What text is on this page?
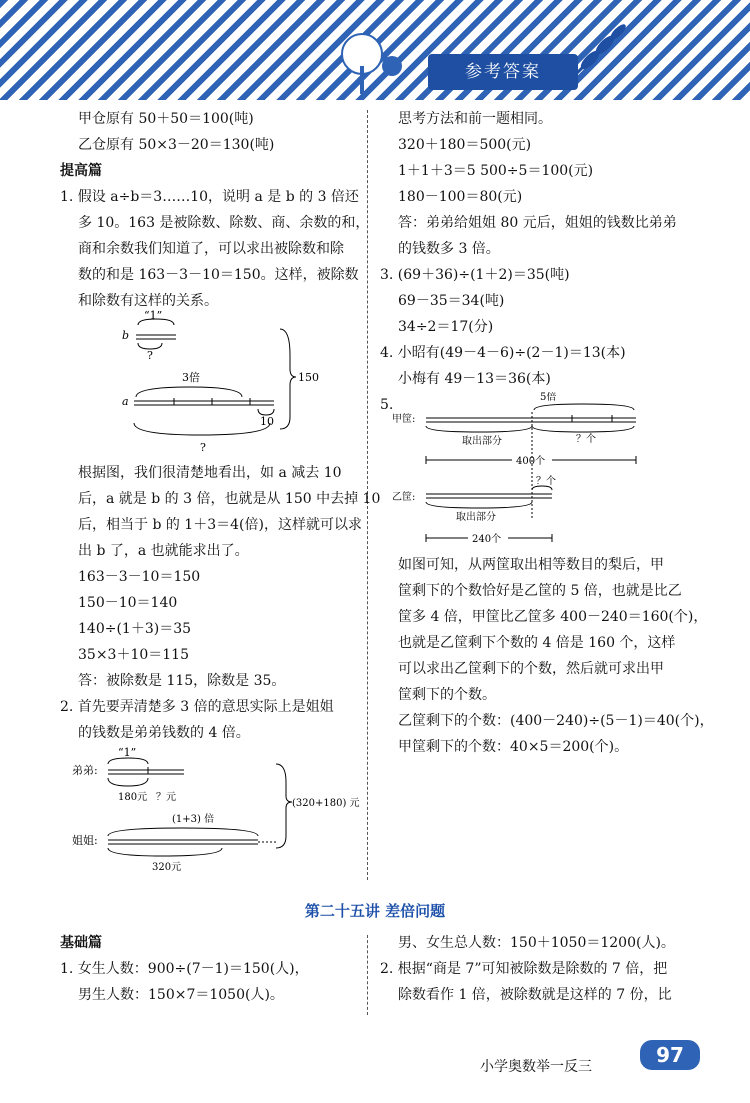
参考答案
甲仓原有 50＋50＝100(吨)
乙仓原有 50×3－20＝130(吨)
提高篇
1. 假设 a÷b＝3……10，说明 a 是 b 的 3 倍还
多 10。163 是被除数、除数、商、余数的和，
商和余数我们知道了，可以求出被除数和除
数的和是 163－3－10＝150。这样，被除数
和除数有这样的关系。
“1”
b
?
3倍
a
10
?
150
根据图，我们很清楚地看出，如 a 减去 10
后，a 就是 b 的 3 倍，也就是从 150 中去掉 10
后，相当于 b 的 1＋3＝4(倍)，这样就可以求
出 b 了，a 也就能求出了。
163－3－10＝150
150－10＝140
140÷(1＋3)＝35
35×3＋10＝115
答：被除数是 115，除数是 35。
2. 首先要弄清楚多 3 倍的意思实际上是姐姐
的钱数是弟弟钱数的 4 倍。
“1”
弟弟:
180元 ？元
(1+3) 倍
姐姐:
320元
(320+180) 元
思考方法和前一题相同。
320＋180＝500(元)
1＋1＋3＝5 500÷5＝100(元)
180－100＝80(元)
答：弟弟给姐姐 80 元后，姐姐的钱数比弟弟
的钱数多 3 倍。
3. (69＋36)÷(1＋2)＝35(吨)
69－35＝34(吨)
34÷2＝17(分)
4. 小昭有(49－4－6)÷(2－1)＝13(本)
小梅有 49－13＝36(本)
5.	5倍
甲筐:
取出部分	？个
400个
？个
乙筐:
取出部分
240个
如图可知，从两筐取出相等数目的梨后，甲
筐剩下的个数恰好是乙筐的 5 倍，也就是比乙
筐多 4 倍，甲筐比乙筐多 400－240＝160(个)，
也就是乙筐剩下个数的 4 倍是 160 个，这样
可以求出乙筐剩下的个数，然后就可求出甲
筐剩下的个数。
乙筐剩下的个数：(400－240)÷(5－1)＝40(个)，
甲筐剩下的个数：40×5＝200(个)。
第二十五讲 差倍问题
基础篇
1. 女生人数：900÷(7－1)＝150(人)，
男生人数：150×7＝1050(人)。
男、女生总人数：150＋1050＝1200(人)。
2. 根据“商是 7”可知被除数是除数的 7 倍，把
除数看作 1 倍，被除数就是这样的 7 份，比
小学奥数举一反三	97
